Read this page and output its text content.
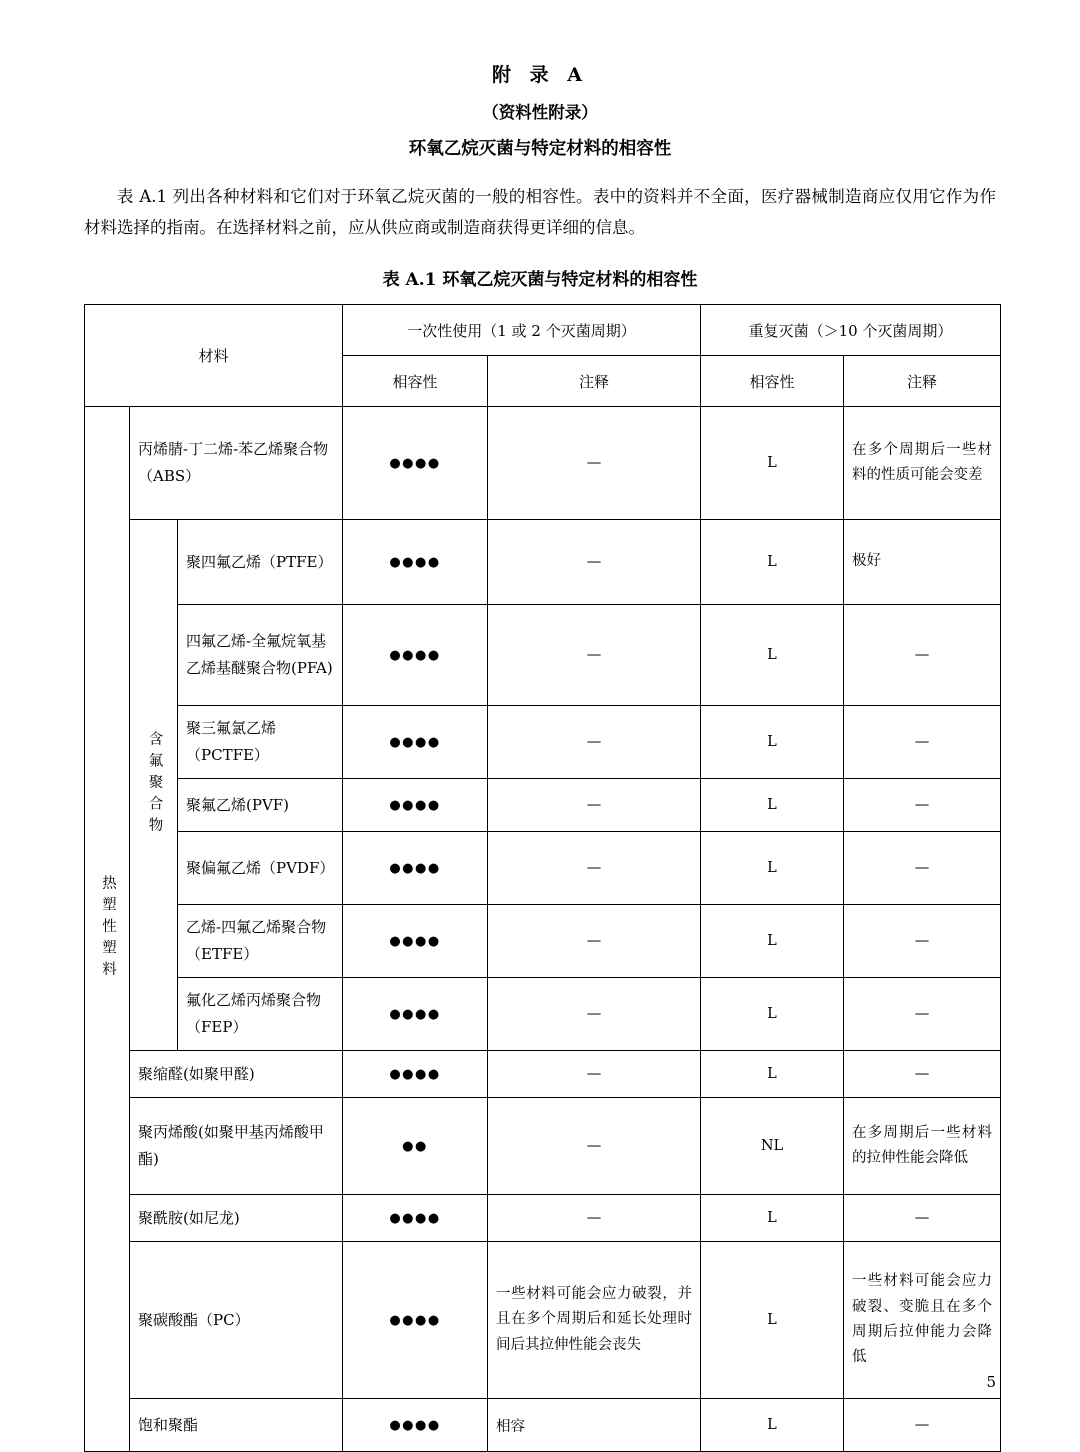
附 录 A
（资料性附录）
环氧乙烷灭菌与特定材料的相容性
表 A.1 列出各种材料和它们对于环氧乙烷灭菌的一般的相容性。表中的资料并不全面，医疗器械制造商应仅用它作为作材料选择的指南。在选择材料之前，应从供应商或制造商获得更详细的信息。
表 A.1 环氧乙烷灭菌与特定材料的相容性
材料			一次性使用（1 或 2 个灭菌周期）		重复灭菌（＞10 个灭菌周期）	
			相容性	注释	相容性	注释

热塑性塑料	丙烯腈-丁二烯-苯乙烯聚合物（ABS）		●●●●	—	L	在多个周期后一些材料的性质可能会变差

	含氟聚合物	聚四氟乙烯（PTFE）	●●●●	—	L	极好
		四氟乙烯-全氟烷氧基乙烯基醚聚合物(PFA)	●●●●	—	L	—
		聚三氟氯乙烯（PCTFE）	●●●●	—	L	—
		聚氟乙烯(PVF)	●●●●	—	L	—
		聚偏氟乙烯（PVDF）	●●●●	—	L	—
		乙烯-四氟乙烯聚合物（ETFE）	●●●●	—	L	—
		氟化乙烯丙烯聚合物（FEP）	●●●●	—	L	—
	聚缩醛(如聚甲醛)		●●●●	—	L	—
	聚丙烯酸(如聚甲基丙烯酸甲酯)		●●	—	NL	在多周期后一些材料的拉伸性能会降低
	聚酰胺(如尼龙)		●●●●	—	L	—
	聚碳酸酯（PC）		●●●●	一些材料可能会应力破裂，并且在多个周期后和延长处理时间后其拉伸性能会丧失	L	一些材料可能会应力破裂、变脆且在多个周期后拉伸能力会降低
	饱和聚酯		●●●●	相容	L	—
5
